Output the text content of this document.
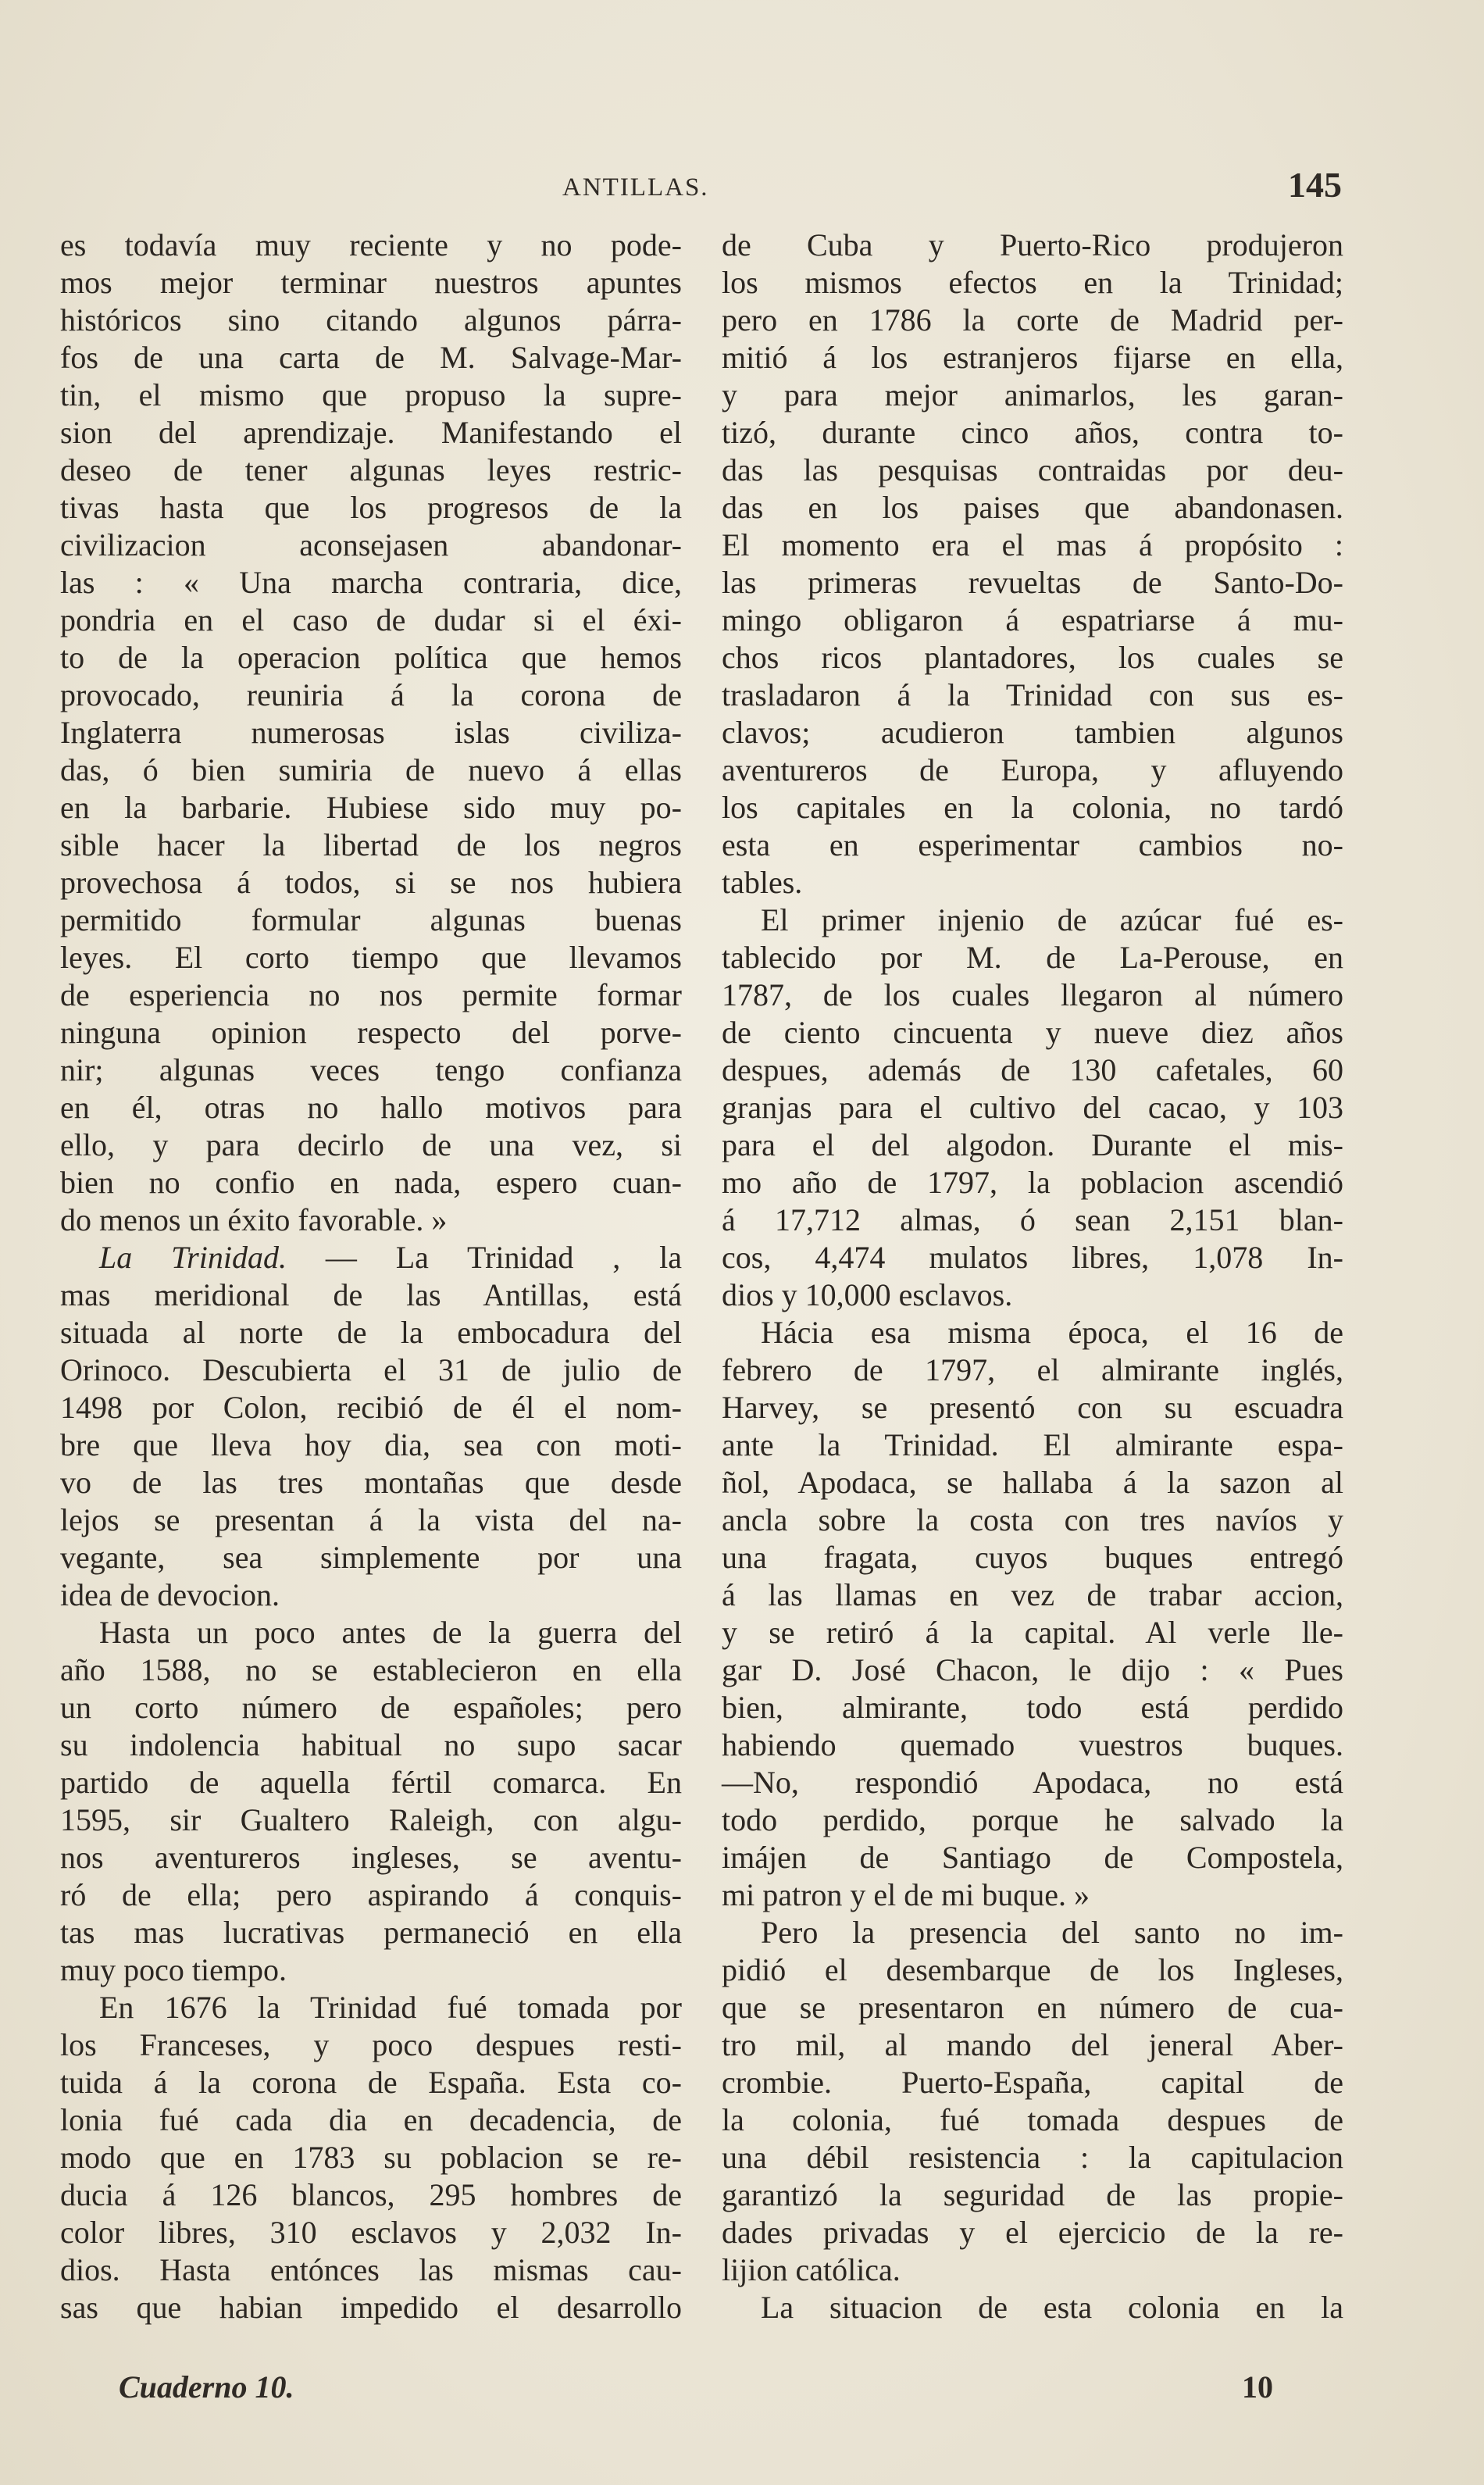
ANTILLAS.	145
es todavía muy reciente y no pode-
mos mejor terminar nuestros apuntes
históricos sino citando algunos párra-
fos de una carta de M. Salvage-Mar-
tin, el mismo que propuso la supre-
sion del aprendizaje. Manifestando el
deseo de tener algunas leyes restric-
tivas hasta que los progresos de la
civilizacion aconsejasen abandonar-
las : « Una marcha contraria, dice,
pondria en el caso de dudar si el éxi-
to de la operacion política que hemos
provocado, reuniria á la corona de
Inglaterra numerosas islas civiliza-
das, ó bien sumiria de nuevo á ellas
en la barbarie. Hubiese sido muy po-
sible hacer la libertad de los negros
provechosa á todos, si se nos hubiera
permitido formular algunas buenas
leyes. El corto tiempo que llevamos
de esperiencia no nos permite formar
ninguna opinion respecto del porve-
nir; algunas veces tengo confianza
en él, otras no hallo motivos para
ello, y para decirlo de una vez, si
bien no confio en nada, espero cuan-
do menos un éxito favorable. »
La Trinidad. — La Trinidad , la
mas meridional de las Antillas, está
situada al norte de la embocadura del
Orinoco. Descubierta el 31 de julio de
1498 por Colon, recibió de él el nom-
bre que lleva hoy dia, sea con moti-
vo de las tres montañas que desde
lejos se presentan á la vista del na-
vegante, sea simplemente por una
idea de devocion.
Hasta un poco antes de la guerra del
año 1588, no se establecieron en ella
un corto número de españoles; pero
su indolencia habitual no supo sacar
partido de aquella fértil comarca. En
1595, sir Gualtero Raleigh, con algu-
nos aventureros ingleses, se aventu-
ró de ella; pero aspirando á conquis-
tas mas lucrativas permaneció en ella
muy poco tiempo.
En 1676 la Trinidad fué tomada por
los Franceses, y poco despues resti-
tuida á la corona de España. Esta co-
lonia fué cada dia en decadencia, de
modo que en 1783 su poblacion se re-
ducia á 126 blancos, 295 hombres de
color libres, 310 esclavos y 2,032 In-
dios. Hasta entónces las mismas cau-
sas que habian impedido el desarrollo
de Cuba y Puerto-Rico produjeron
los mismos efectos en la Trinidad;
pero en 1786 la corte de Madrid per-
mitió á los estranjeros fijarse en ella,
y para mejor animarlos, les garan-
tizó, durante cinco años, contra to-
das las pesquisas contraidas por deu-
das en los paises que abandonasen.
El momento era el mas á propósito :
las primeras revueltas de Santo-Do-
mingo obligaron á espatriarse á mu-
chos ricos plantadores, los cuales se
trasladaron á la Trinidad con sus es-
clavos; acudieron tambien algunos
aventureros de Europa, y afluyendo
los capitales en la colonia, no tardó
esta en esperimentar cambios no-
tables.
El primer injenio de azúcar fué es-
tablecido por M. de La-Perouse, en
1787, de los cuales llegaron al número
de ciento cincuenta y nueve diez años
despues, además de 130 cafetales, 60
granjas para el cultivo del cacao, y 103
para el del algodon. Durante el mis-
mo año de 1797, la poblacion ascendió
á 17,712 almas, ó sean 2,151 blan-
cos, 4,474 mulatos libres, 1,078 In-
dios y 10,000 esclavos.
Hácia esa misma época, el 16 de
febrero de 1797, el almirante inglés,
Harvey, se presentó con su escuadra
ante la Trinidad. El almirante espa-
ñol, Apodaca, se hallaba á la sazon al
ancla sobre la costa con tres navíos y
una fragata, cuyos buques entregó
á las llamas en vez de trabar accion,
y se retiró á la capital. Al verle lle-
gar D. José Chacon, le dijo : « Pues
bien, almirante, todo está perdido
habiendo quemado vuestros buques.
—No, respondió Apodaca, no está
todo perdido, porque he salvado la
imájen de Santiago de Compostela,
mi patron y el de mi buque. »
Pero la presencia del santo no im-
pidió el desembarque de los Ingleses,
que se presentaron en número de cua-
tro mil, al mando del jeneral Aber-
crombie. Puerto-España, capital de
la colonia, fué tomada despues de
una débil resistencia : la capitulacion
garantizó la seguridad de las propie-
dades privadas y el ejercicio de la re-
lijion católica.
La situacion de esta colonia en la
Cuaderno 10.	10
